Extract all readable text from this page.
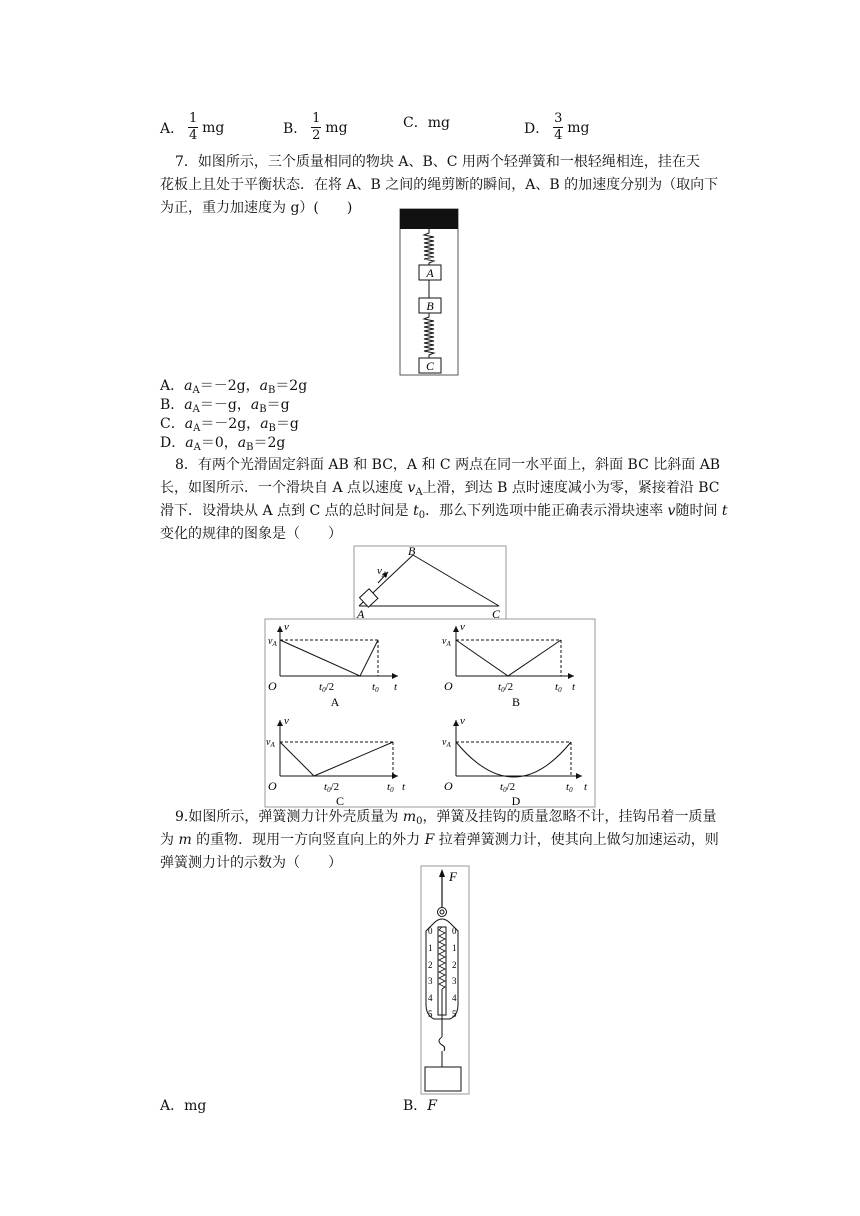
A． $\frac{1}{4}$ mg	B． $\frac{1}{2}$ mg	C．mg	D． $\frac{3}{4}$ mg
7．如图所示，三个质量相同的物块 A、B、C 用两个轻弹簧和一根轻绳相连，挂在天
花板上且处于平衡状态．在将 A、B 之间的绳剪断的瞬间，A、B 的加速度分别为（取向下
为正，重力加速度为 g）(　　)
A
B
C
A．$a_A=-2g$，$a_B=2g$
B．$a_A=-g$，$a_B=g$
C．$a_A=-2g$，$a_B=g$
D．$a_A=0$，$a_B=2g$
8．有两个光滑固定斜面 AB 和 BC，A 和 C 两点在同一水平面上，斜面 BC 比斜面 AB
长，如图所示．一个滑块自 A 点以速度 $v_A$上滑，到达 B 点时速度减小为零，紧接着沿 BC
滑下．设滑块从 A 点到 C 点的总时间是 $t_0$．那么下列选项中能正确表示滑块速率 v随时间 t
变化的规律的图象是（　　）
$v_A$
A
B
C
$v_A$
v
O	t0/2	t0 t
A
$v_A$
v
O	t0/2	t0 t
B
$v_A$
v
O	t0/2	t0 t
C
$v_A$
v
O	t0/2	t0 t
D
9.如图所示，弹簧测力计外壳质量为 $m_0$，弹簧及挂钩的质量忽略不计，挂钩吊着一质量
为 m 的重物．现用一方向竖直向上的外力 F 拉着弹簧测力计，使其向上做匀加速运动，则
弹簧测力计的示数为（　　）
F
0 0
1 1
2 2
3 3
4 4
5 5
A．mg	B．F
